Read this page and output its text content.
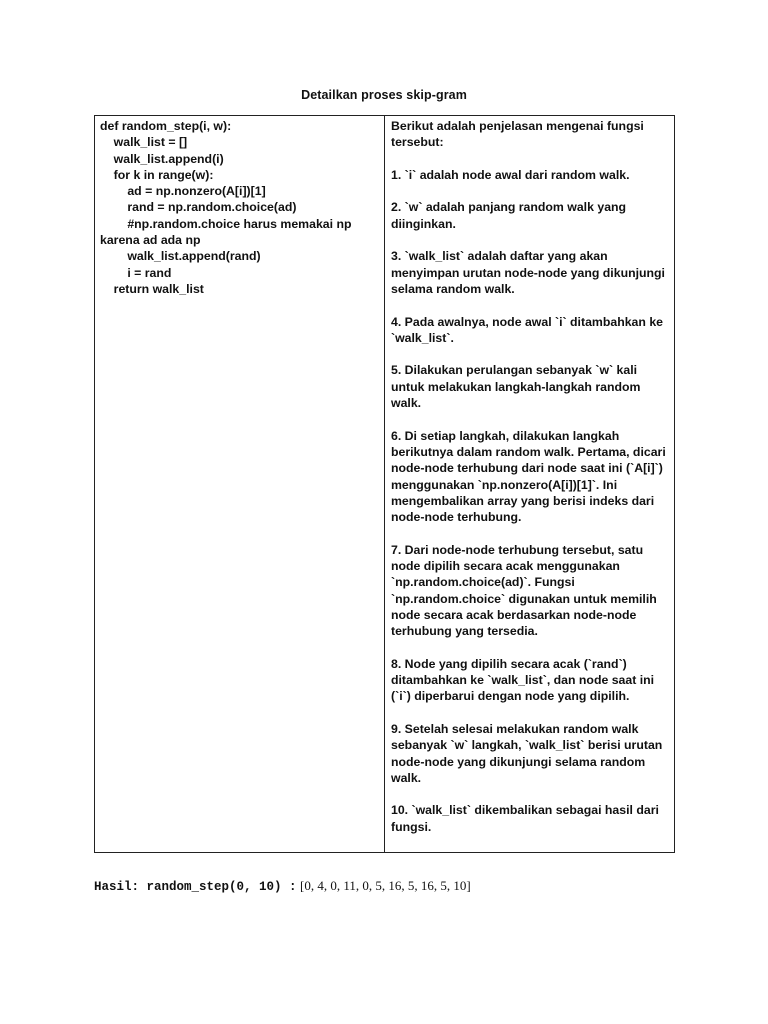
Detailkan proses skip-gram
def random_step(i, w):
walk_list = []
walk_list.append(i)
for k in range(w):
ad = np.nonzero(A[i])[1]
rand = np.random.choice(ad)
#np.random.choice harus memakai np
karena ad ada np
walk_list.append(rand)
i = rand
return walk_list

Berikut adalah penjelasan mengenai fungsi tersebut:

1. `i` adalah node awal dari random walk.

2. `w` adalah panjang random walk yang diinginkan.

3. `walk_list` adalah daftar yang akan menyimpan urutan node-node yang dikunjungi selama random walk.

4. Pada awalnya, node awal `i` ditambahkan ke `walk_list`.

5. Dilakukan perulangan sebanyak `w` kali untuk melakukan langkah-langkah random walk.

6. Di setiap langkah, dilakukan langkah berikutnya dalam random walk. Pertama, dicari node-node terhubung dari node saat ini (`A[i]`) menggunakan `np.nonzero(A[i])[1]`. Ini mengembalikan array yang berisi indeks dari node-node terhubung.

7. Dari node-node terhubung tersebut, satu node dipilih secara acak menggunakan `np.random.choice(ad)`. Fungsi `np.random.choice` digunakan untuk memilih node secara acak berdasarkan node-node terhubung yang tersedia.

8. Node yang dipilih secara acak (`rand`) ditambahkan ke `walk_list`, dan node saat ini (`i`) diperbarui dengan node yang dipilih.

9. Setelah selesai melakukan random walk sebanyak `w` langkah, `walk_list` berisi urutan node-node yang dikunjungi selama random walk.

10. `walk_list` dikembalikan sebagai hasil dari fungsi.

Hasil: random_step(0, 10) : [0, 4, 0, 11, 0, 5, 16, 5, 16, 5, 10]
